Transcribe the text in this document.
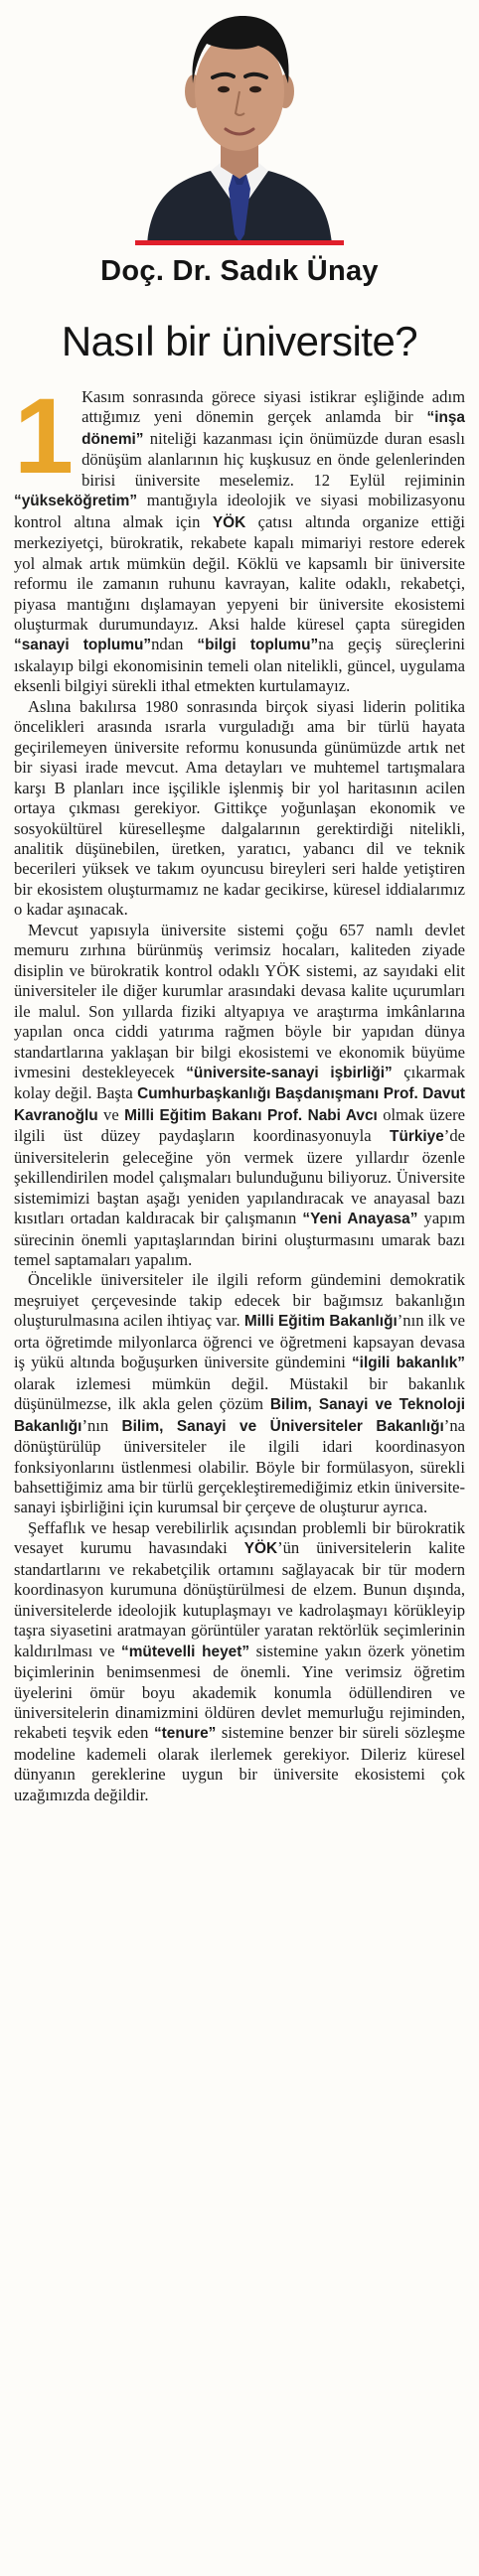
Doç. Dr. Sadık Ünay
Nasıl bir üniversite?

1 Kasım sonrasında görece siyasi istikrar eşliğinde adım attığımız yeni dönemin gerçek anlamda bir “inşa dönemi” niteliği kazanması için önümüzde duran esaslı dönüşüm alanlarının hiç kuşkusuz en önde gelenlerinden birisi üniversite meselemiz. 12 Eylül rejiminin “yükseköğretim” mantığıyla ideolojik ve siyasi mobilizasyonu kontrol altına almak için YÖK çatısı altında organize ettiği merkeziyetçi, bürokratik, rekabete kapalı mimariyi restore ederek yol almak artık mümkün değil. Köklü ve kapsamlı bir üniversite reformu ile zamanın ruhunu kavrayan, kalite odaklı, rekabetçi, piyasa mantığını dışlamayan yepyeni bir üniversite ekosistemi oluşturmak durumundayız. Aksi halde küresel çapta süregiden “sanayi toplumu”ndan “bilgi toplumu”na geçiş süreçlerini ıskalayıp bilgi ekonomisinin temeli olan nitelikli, güncel, uygulama eksenli bilgiyi sürekli ithal etmekten kurtulamayız.

Aslına bakılırsa 1980 sonrasında birçok siyasi liderin politika öncelikleri arasında ısrarla vurguladığı ama bir türlü hayata geçirilemeyen üniversite reformu konusunda günümüzde artık net bir siyasi irade mevcut. Ama detayları ve muhtemel tartışmalara karşı B planları ince işçilikle işlenmiş bir yol haritasının acilen ortaya çıkması gerekiyor. Gittikçe yoğunlaşan ekonomik ve sosyokültürel küreselleşme dalgalarının gerektirdiği nitelikli, analitik düşünebilen, üretken, yaratıcı, yabancı dil ve teknik becerileri yüksek ve takım oyuncusu bireyleri seri halde yetiştiren bir ekosistem oluşturmamız ne kadar gecikirse, küresel iddialarımız o kadar aşınacak.

Mevcut yapısıyla üniversite sistemi çoğu 657 namlı devlet memuru zırhına bürünmüş verimsiz hocaları, kaliteden ziyade disiplin ve bürokratik kontrol odaklı YÖK sistemi, az sayıdaki elit üniversiteler ile diğer kurumlar arasındaki devasa kalite uçurumları ile malul. Son yıllarda fiziki altyapıya ve araştırma imkânlarına yapılan onca ciddi yatırıma rağmen böyle bir yapıdan dünya standartlarına yaklaşan bir bilgi ekosistemi ve ekonomik büyüme ivmesini destekleyecek “üniversite-sanayi işbirliği” çıkarmak kolay değil. Başta Cumhurbaşkanlığı Başdanışmanı Prof. Davut Kavranoğlu ve Milli Eğitim Bakanı Prof. Nabi Avcı olmak üzere ilgili üst düzey paydaşların koordinasyonuyla Türkiye’de üniversitelerin geleceğine yön vermek üzere yıllardır özenle şekillendirilen model çalışmaları bulunduğunu biliyoruz. Üniversite sistemimizi baştan aşağı yeniden yapılandıracak ve anayasal bazı kısıtları ortadan kaldıracak bir çalışmanın “Yeni Anayasa” yapım sürecinin önemli yapıtaşlarından birini oluşturmasını umarak bazı temel saptamaları yapalım.

Öncelikle üniversiteler ile ilgili reform gündemini demokratik meşruiyet çerçevesinde takip edecek bir bağımsız bakanlığın oluşturulmasına acilen ihtiyaç var. Milli Eğitim Bakanlığı’nın ilk ve orta öğretimde milyonlarca öğrenci ve öğretmeni kapsayan devasa iş yükü altında boğuşurken üniversite gündemini “ilgili bakanlık” olarak izlemesi mümkün değil. Müstakil bir bakanlık düşünülmezse, ilk akla gelen çözüm Bilim, Sanayi ve Teknoloji Bakanlığı’nın Bilim, Sanayi ve Üniversiteler Bakanlığı’na dönüştürülüp üniversiteler ile ilgili idari koordinasyon fonksiyonlarını üstlenmesi olabilir. Böyle bir formülasyon, sürekli bahsettiğimiz ama bir türlü gerçekleştiremediğimiz etkin üniversite-sanayi işbirliğini için kurumsal bir çerçeve de oluşturur ayrıca.

Şeffaflık ve hesap verebilirlik açısından problemli bir bürokratik vesayet kurumu havasındaki YÖK’ün üniversitelerin kalite standartlarını ve rekabetçilik ortamını sağlayacak bir tür modern koordinasyon kurumuna dönüştürülmesi de elzem. Bunun dışında, üniversitelerde ideolojik kutuplaşmayı ve kadrolaşmayı körükleyip taşra siyasetini aratmayan görüntüler yaratan rektörlük seçimlerinin kaldırılması ve “mütevelli heyet” sistemine yakın özerk yönetim biçimlerinin benimsenmesi de önemli. Yine verimsiz öğretim üyelerini ömür boyu akademik konumla ödüllendiren ve üniversitelerin dinamizmini öldüren devlet memurluğu rejiminden, rekabeti teşvik eden “tenure” sistemine benzer bir süreli sözleşme modeline kademeli olarak ilerlemek gerekiyor. Dileriz küresel dünyanın gereklerine uygun bir üniversite ekosistemi çok uzağımızda değildir.
